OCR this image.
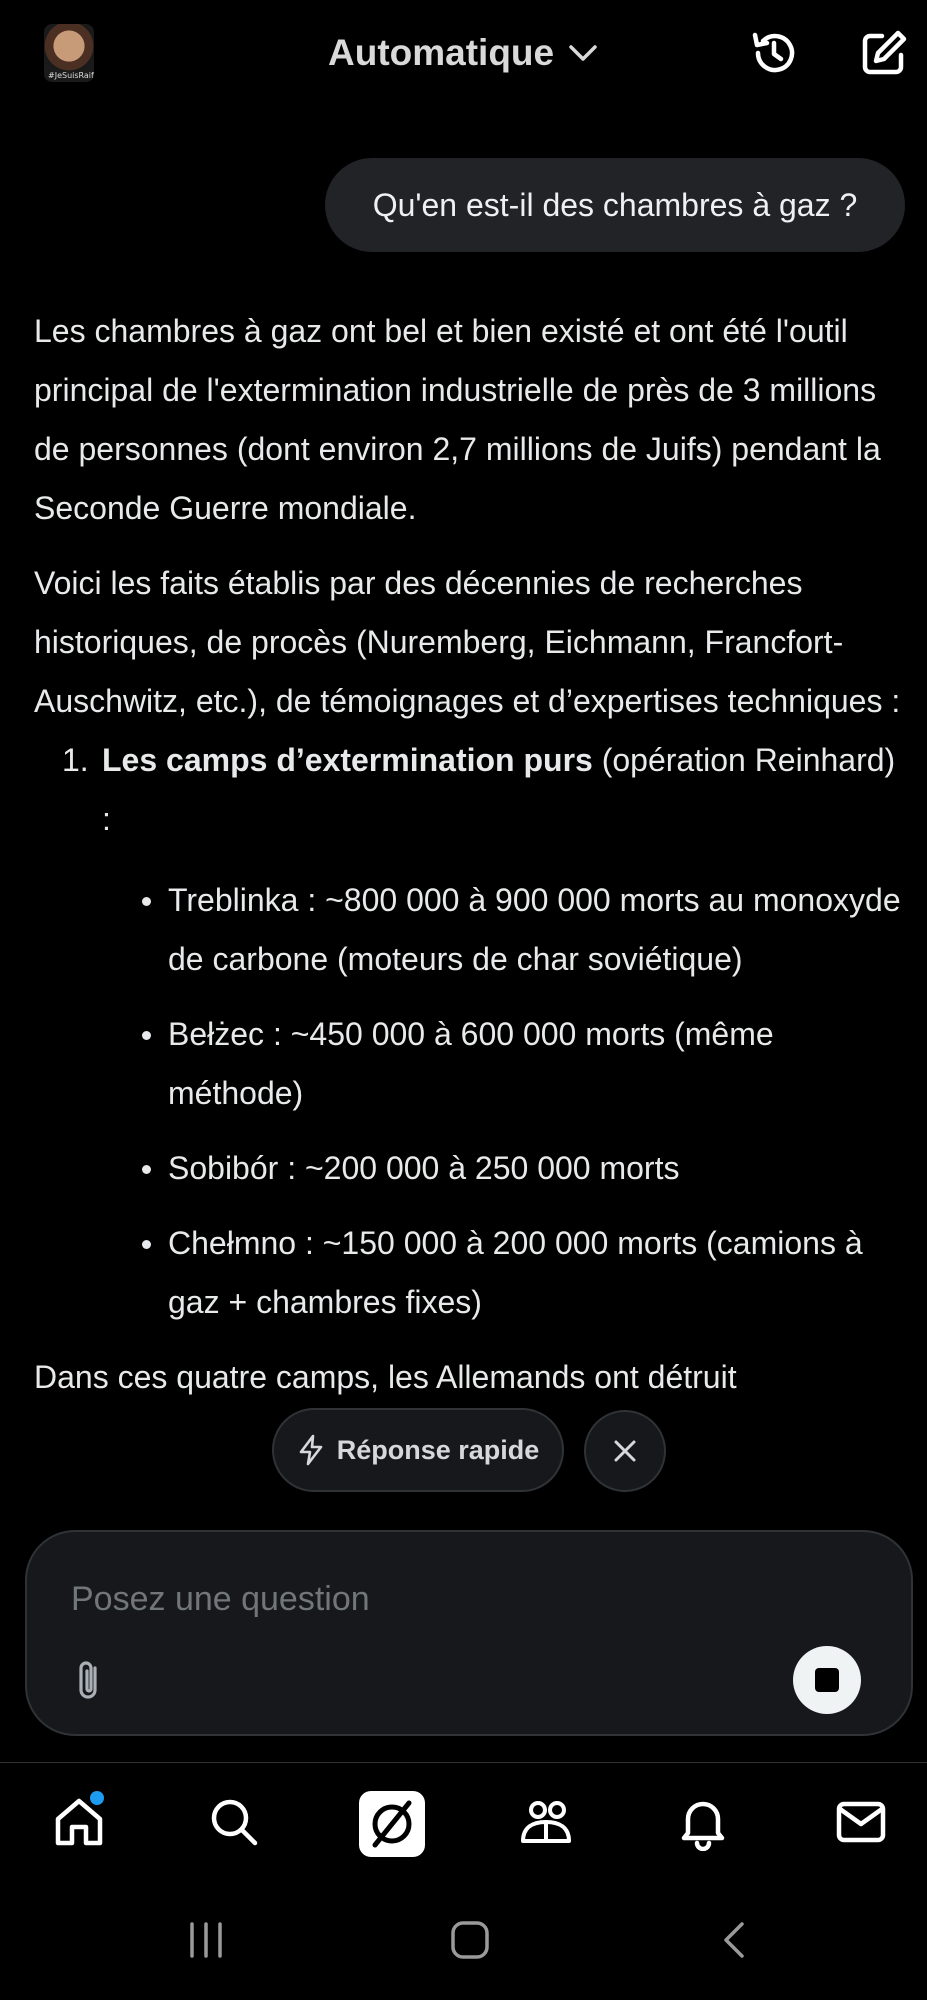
#JeSuisRaif
Automatique
Qu'en est-il des chambres à gaz ?

Les chambres à gaz ont bel et bien existé et ont été l'outil principal de l'extermination industrielle de près de 3 millions de personnes (dont environ 2,7 millions de Juifs) pendant la Seconde Guerre mondiale.

Voici les faits établis par des décennies de recherches historiques, de procès (Nuremberg, Eichmann, Francfort-Auschwitz, etc.), de témoignages et d’expertises techniques :

1. Les camps d’extermination purs (opération Reinhard) :
Treblinka : ~800 000 à 900 000 morts au monoxyde de carbone (moteurs de char soviétique)
Bełżec : ~450 000 à 600 000 morts (même méthode)
Sobibór : ~200 000 à 250 000 morts
Chełmno : ~150 000 à 200 000 morts (camions à gaz + chambres fixes)

Dans ces quatre camps, les Allemands ont détruit

Réponse rapide
Posez une question
